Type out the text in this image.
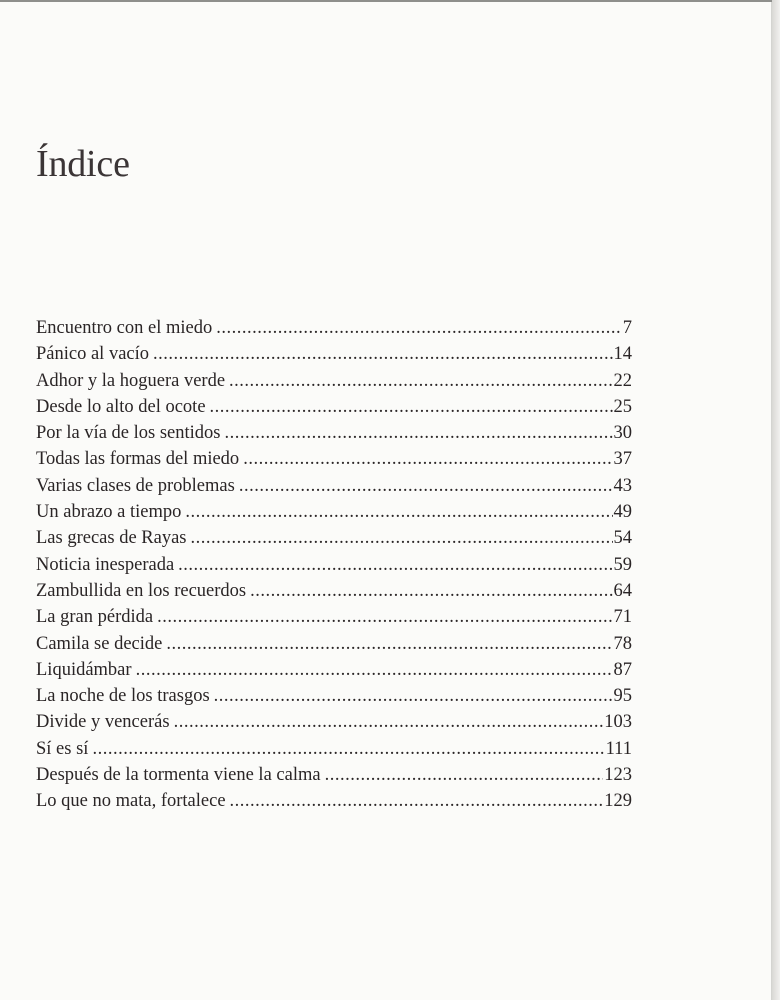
Índice
Encuentro con el miedo .....	7
Pánico al vacío .....	14
Adhor y la hoguera verde .....	22
Desde lo alto del ocote .....	25
Por la vía de los sentidos .....	30
Todas las formas del miedo .....	37
Varias clases de problemas .....	43
Un abrazo a tiempo .....	49
Las grecas de Rayas .....	54
Noticia inesperada .....	59
Zambullida en los recuerdos .....	64
La gran pérdida .....	71
Camila se decide .....	78
Liquidámbar .....	87
La noche de los trasgos .....	95
Divide y vencerás .....	103
Sí es sí .....	111
Después de la tormenta viene la calma .....	123
Lo que no mata, fortalece .....	129
